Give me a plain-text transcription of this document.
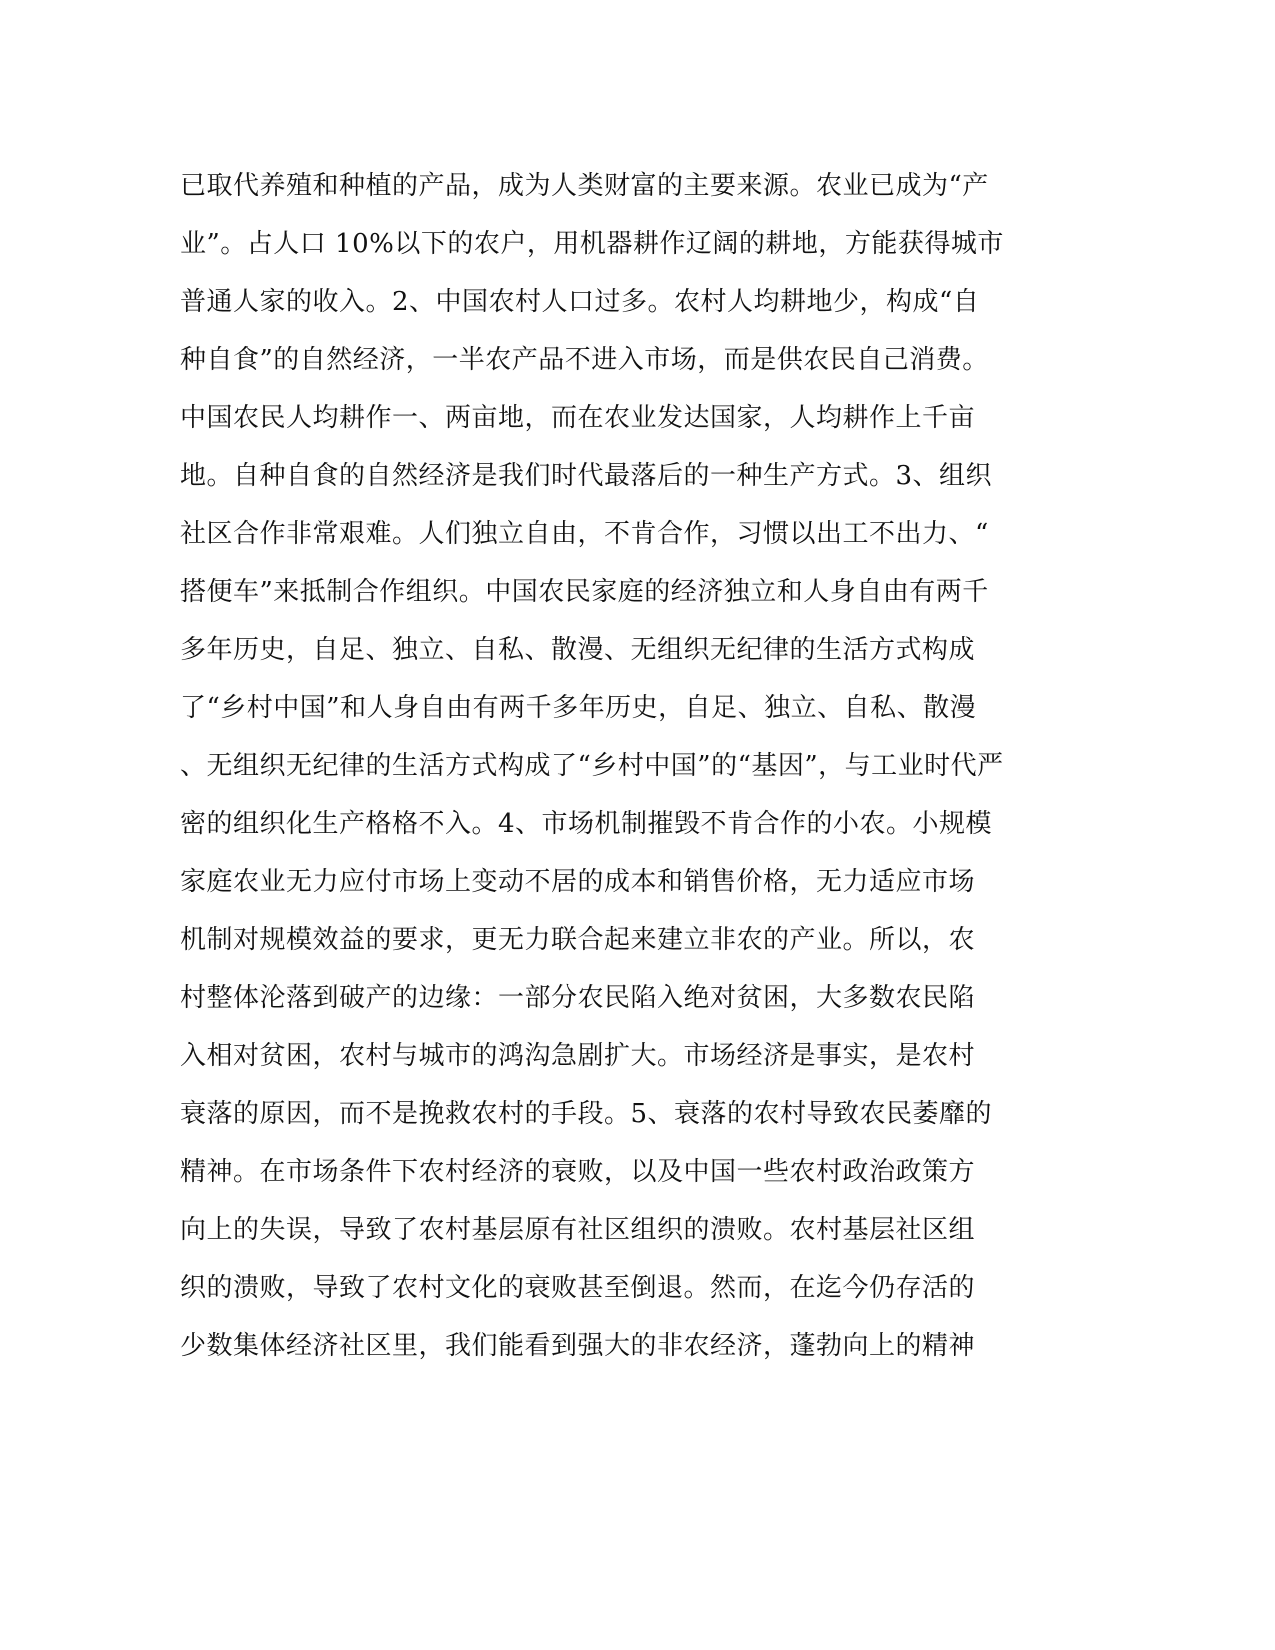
已取代养殖和种植的产品，成为人类财富的主要来源。农业已成为“产
业”。占人口 10%以下的农户，用机器耕作辽阔的耕地，方能获得城市
普通人家的收入。2、中国农村人口过多。农村人均耕地少，构成“自
种自食”的自然经济，一半农产品不进入市场，而是供农民自己消费。
中国农民人均耕作一、两亩地，而在农业发达国家，人均耕作上千亩
地。自种自食的自然经济是我们时代最落后的一种生产方式。3、组织
社区合作非常艰难。人们独立自由，不肯合作，习惯以出工不出力、“
搭便车”来抵制合作组织。中国农民家庭的经济独立和人身自由有两千
多年历史，自足、独立、自私、散漫、无组织无纪律的生活方式构成
了“乡村中国”和人身自由有两千多年历史，自足、独立、自私、散漫
、无组织无纪律的生活方式构成了“乡村中国”的“基因”，与工业时代严
密的组织化生产格格不入。4、市场机制摧毁不肯合作的小农。小规模
家庭农业无力应付市场上变动不居的成本和销售价格，无力适应市场
机制对规模效益的要求，更无力联合起来建立非农的产业。所以，农
村整体沦落到破产的边缘：一部分农民陷入绝对贫困，大多数农民陷
入相对贫困，农村与城市的鸿沟急剧扩大。市场经济是事实，是农村
衰落的原因，而不是挽救农村的手段。5、衰落的农村导致农民萎靡的
精神。在市场条件下农村经济的衰败，以及中国一些农村政治政策方
向上的失误，导致了农村基层原有社区组织的溃败。农村基层社区组
织的溃败，导致了农村文化的衰败甚至倒退。然而，在迄今仍存活的
少数集体经济社区里，我们能看到强大的非农经济，蓬勃向上的精神
